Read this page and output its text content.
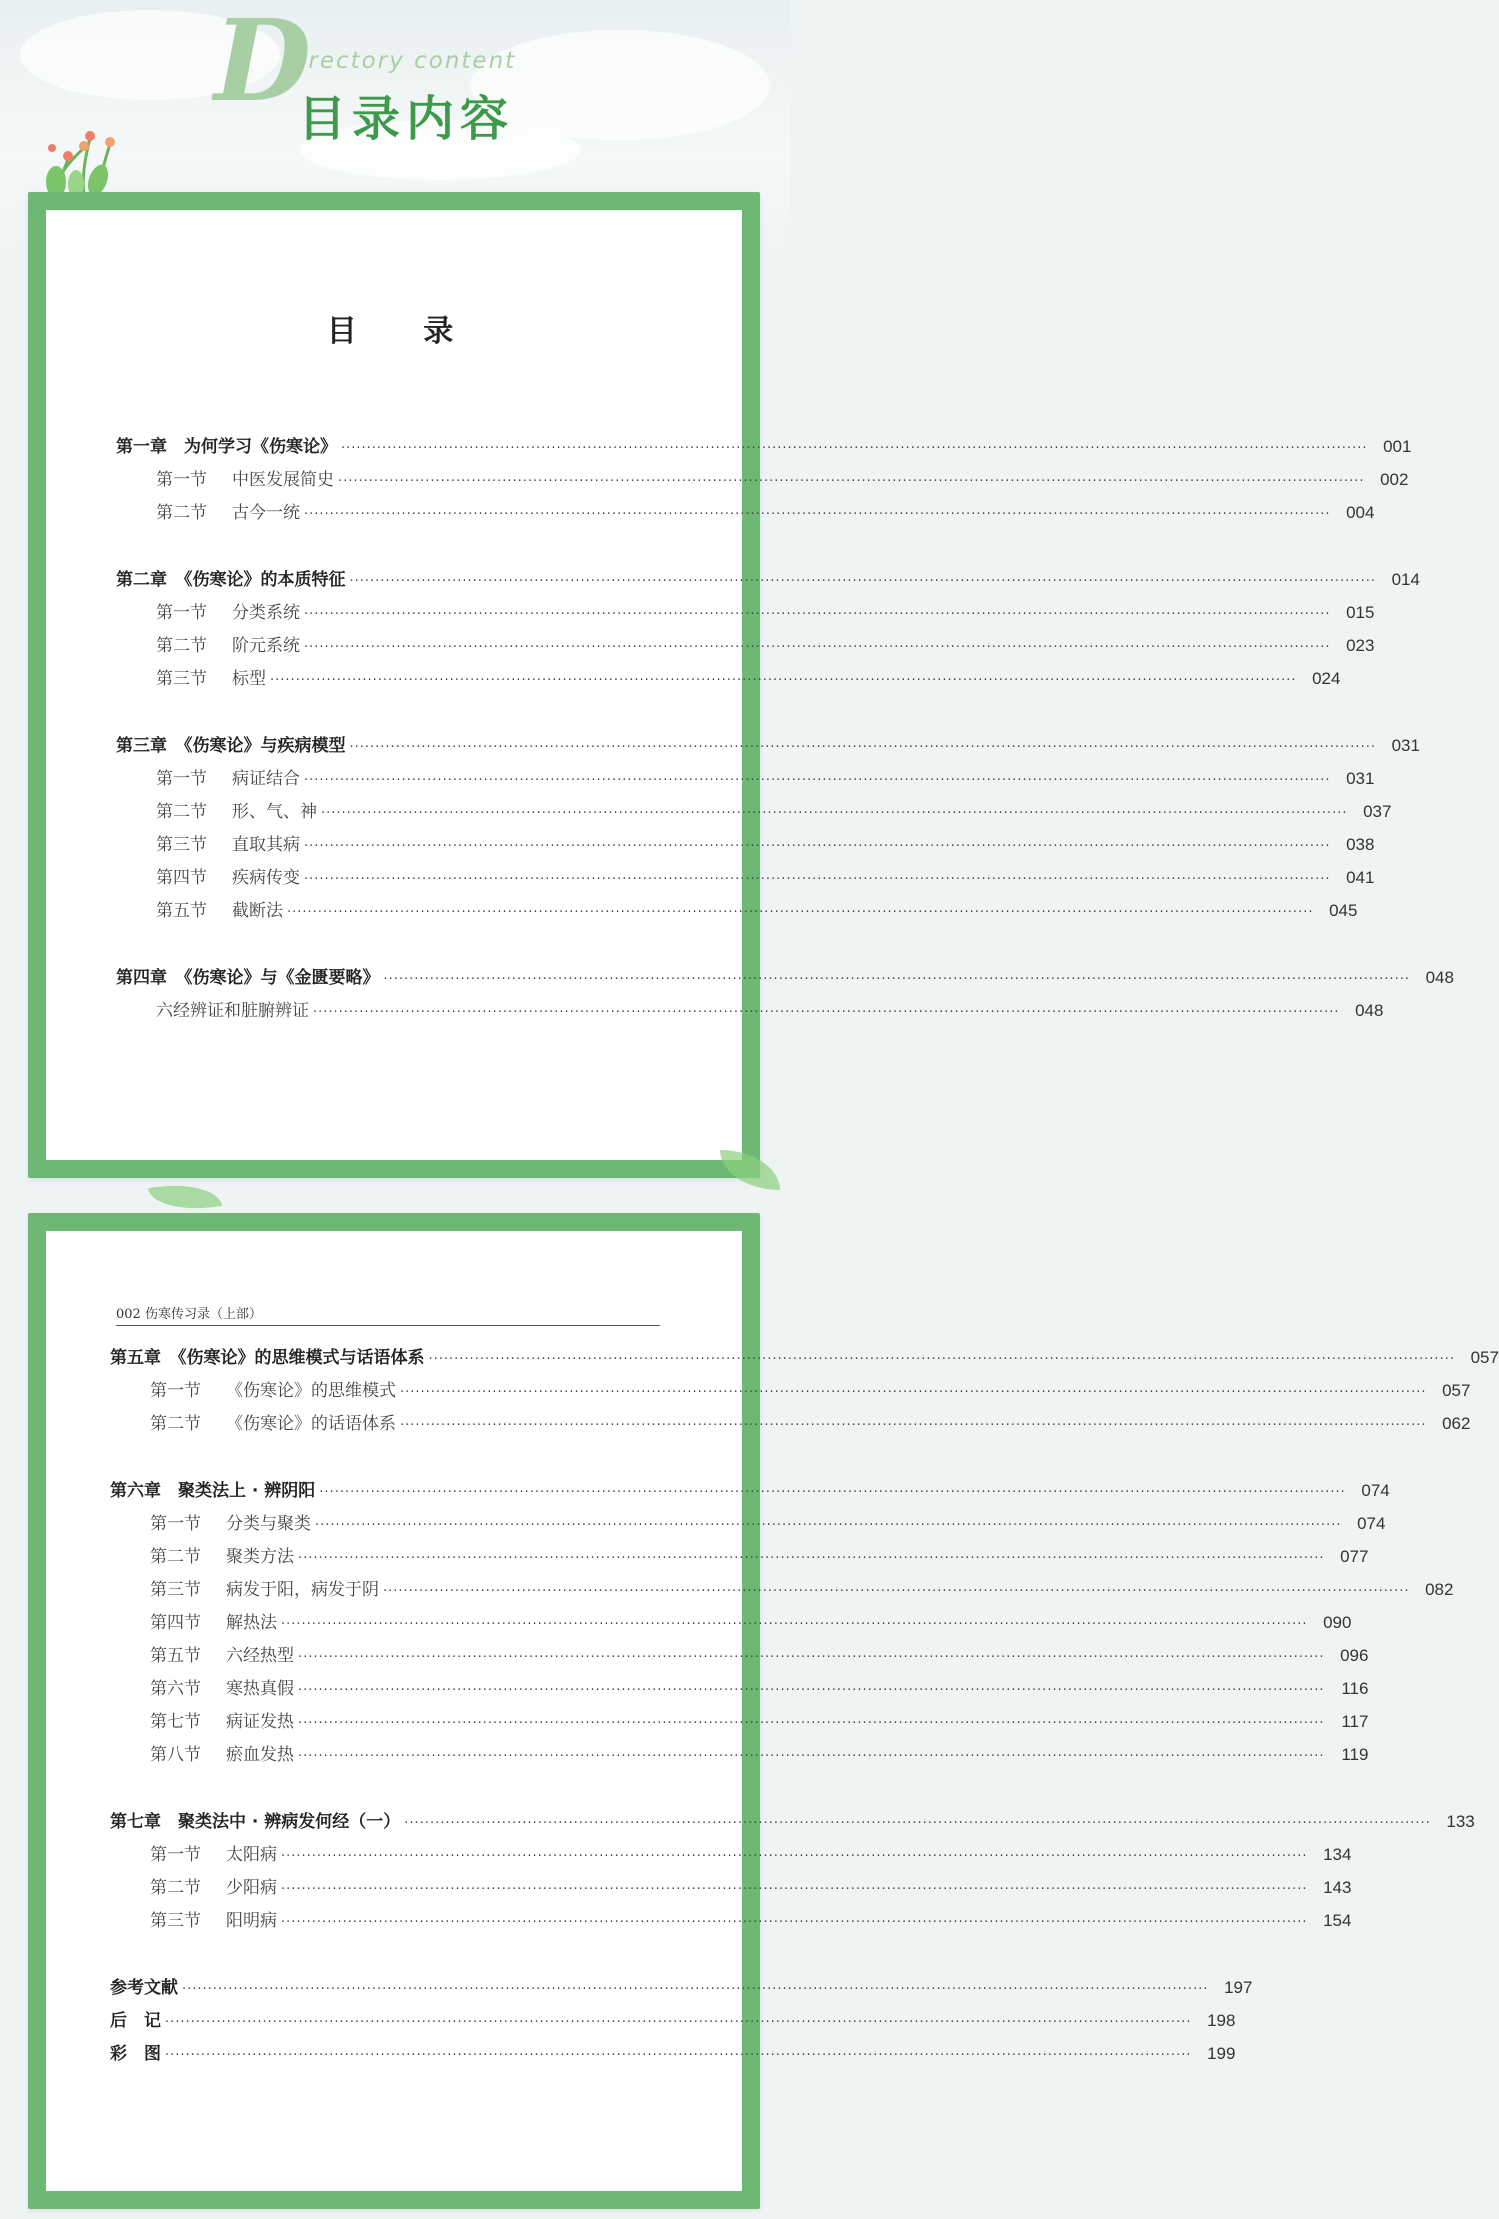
D
irectory content
目录内容
目 录
第一章　为何学习《伤寒论》 ········································································································································································································ 001
第一节 中医发展简史 ········································································································································································································ 002
第二节 古今一统 ········································································································································································································ 004
第二章　《伤寒论》的本质特征 ········································································································································································································ 014
第一节 分类系统 ········································································································································································································ 015
第二节 阶元系统 ········································································································································································································ 023
第三节 标型 ········································································································································································································ 024
第三章　《伤寒论》与疾病模型 ········································································································································································································ 031
第一节 病证结合 ········································································································································································································ 031
第二节 形、气、神 ········································································································································································································ 037
第三节 直取其病 ········································································································································································································ 038
第四节 疾病传变 ········································································································································································································ 041
第五节 截断法 ········································································································································································································ 045
第四章　《伤寒论》与《金匮要略》 ········································································································································································································ 048
六经辨证和脏腑辨证 ········································································································································································································ 048
002 伤寒传习录（上部）
第五章　《伤寒论》的思维模式与话语体系 ········································································································································································································ 057
第一节 《伤寒论》的思维模式 ········································································································································································································ 057
第二节 《伤寒论》的话语体系 ········································································································································································································ 062
第六章　聚类法上 · 辨阴阳 ········································································································································································································ 074
第一节 分类与聚类 ········································································································································································································ 074
第二节 聚类方法 ········································································································································································································ 077
第三节 病发于阳，病发于阴 ········································································································································································································ 082
第四节 解热法 ········································································································································································································ 090
第五节 六经热型 ········································································································································································································ 096
第六节 寒热真假 ········································································································································································································ 116
第七节 病证发热 ········································································································································································································ 117
第八节 瘀血发热 ········································································································································································································ 119
第七章　聚类法中 · 辨病发何经（一） ········································································································································································································ 133
第一节 太阳病 ········································································································································································································ 134
第二节 少阳病 ········································································································································································································ 143
第三节 阳明病 ········································································································································································································ 154
参考文献 ········································································································································································································ 197
后　记 ········································································································································································································ 198
彩　图 ········································································································································································································ 199
